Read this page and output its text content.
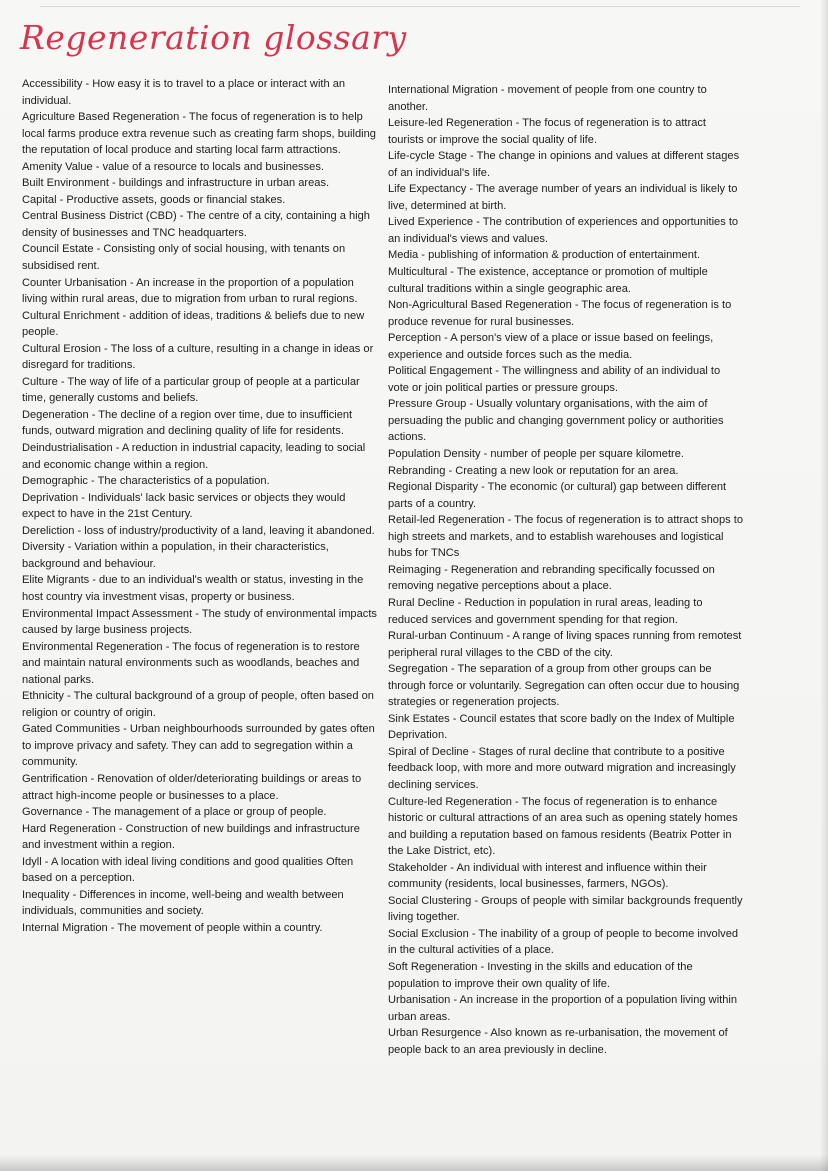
Regeneration glossary

Accessibility - How easy it is to travel to a place or interact with an individual.

Agriculture Based Regeneration - The focus of regeneration is to help local farms produce extra revenue such as creating farm shops, building the reputation of local produce and starting local farm attractions.

Amenity Value - value of a resource to locals and businesses.

Built Environment - buildings and infrastructure in urban areas.

Capital - Productive assets, goods or financial stakes.

Central Business District (CBD) - The centre of a city, containing a high density of businesses and TNC headquarters.

Council Estate - Consisting only of social housing, with tenants on subsidised rent.

Counter Urbanisation - An increase in the proportion of a population living within rural areas, due to migration from urban to rural regions.

Cultural Enrichment - addition of ideas, traditions & beliefs due to new people.

Cultural Erosion - The loss of a culture, resulting in a change in ideas or disregard for traditions.

Culture - The way of life of a particular group of people at a particular time, generally customs and beliefs.

Degeneration - The decline of a region over time, due to insufficient funds, outward migration and declining quality of life for residents.

Deindustrialisation - A reduction in industrial capacity, leading to social and economic change within a region.

Demographic - The characteristics of a population.

Deprivation - Individuals' lack basic services or objects they would expect to have in the 21st Century.

Dereliction - loss of industry/productivity of a land, leaving it abandoned.

Diversity - Variation within a population, in their characteristics, background and behaviour.

Elite Migrants - due to an individual's wealth or status, investing in the host country via investment visas, property or business.

Environmental Impact Assessment - The study of environmental impacts caused by large business projects.

Environmental Regeneration - The focus of regeneration is to restore and maintain natural environments such as woodlands, beaches and national parks.

Ethnicity - The cultural background of a group of people, often based on religion or country of origin.

Gated Communities - Urban neighbourhoods surrounded by gates often to improve privacy and safety. They can add to segregation within a community.

Gentrification - Renovation of older/deteriorating buildings or areas to attract high-income people or businesses to a place.

Governance - The management of a place or group of people.

Hard Regeneration - Construction of new buildings and infrastructure and investment within a region.

Idyll - A location with ideal living conditions and good qualities Often based on a perception.

Inequality - Differences in income, well-being and wealth between individuals, communities and society.

Internal Migration - The movement of people within a country.

International Migration - movement of people from one country to another.

Leisure-led Regeneration - The focus of regeneration is to attract tourists or improve the social quality of life.

Life-cycle Stage - The change in opinions and values at different stages of an individual's life.

Life Expectancy - The average number of years an individual is likely to live, determined at birth.

Lived Experience - The contribution of experiences and opportunities to an individual's views and values.

Media - publishing of information & production of entertainment.

Multicultural - The existence, acceptance or promotion of multiple cultural traditions within a single geographic area.

Non-Agricultural Based Regeneration - The focus of regeneration is to produce revenue for rural businesses.

Perception - A person's view of a place or issue based on feelings, experience and outside forces such as the media.

Political Engagement - The willingness and ability of an individual to vote or join political parties or pressure groups.

Pressure Group - Usually voluntary organisations, with the aim of persuading the public and changing government policy or authorities actions.

Population Density - number of people per square kilometre.

Rebranding - Creating a new look or reputation for an area.

Regional Disparity - The economic (or cultural) gap between different parts of a country.

Retail-led Regeneration - The focus of regeneration is to attract shops to high streets and markets, and to establish warehouses and logistical hubs for TNCs

Reimaging - Regeneration and rebranding specifically focussed on removing negative perceptions about a place.

Rural Decline - Reduction in population in rural areas, leading to reduced services and government spending for that region.

Rural-urban Continuum - A range of living spaces running from remotest peripheral rural villages to the CBD of the city.

Segregation - The separation of a group from other groups can be through force or voluntarily. Segregation can often occur due to housing strategies or regeneration projects.

Sink Estates - Council estates that score badly on the Index of Multiple Deprivation.

Spiral of Decline - Stages of rural decline that contribute to a positive feedback loop, with more and more outward migration and increasingly declining services.

Culture-led Regeneration - The focus of regeneration is to enhance historic or cultural attractions of an area such as opening stately homes and building a reputation based on famous residents (Beatrix Potter in the Lake District, etc).

Stakeholder - An individual with interest and influence within their community (residents, local businesses, farmers, NGOs).

Social Clustering - Groups of people with similar backgrounds frequently living together.

Social Exclusion - The inability of a group of people to become involved in the cultural activities of a place.

Soft Regeneration - Investing in the skills and education of the population to improve their own quality of life.

Urbanisation - An increase in the proportion of a population living within urban areas.

Urban Resurgence - Also known as re-urbanisation, the movement of people back to an area previously in decline.
